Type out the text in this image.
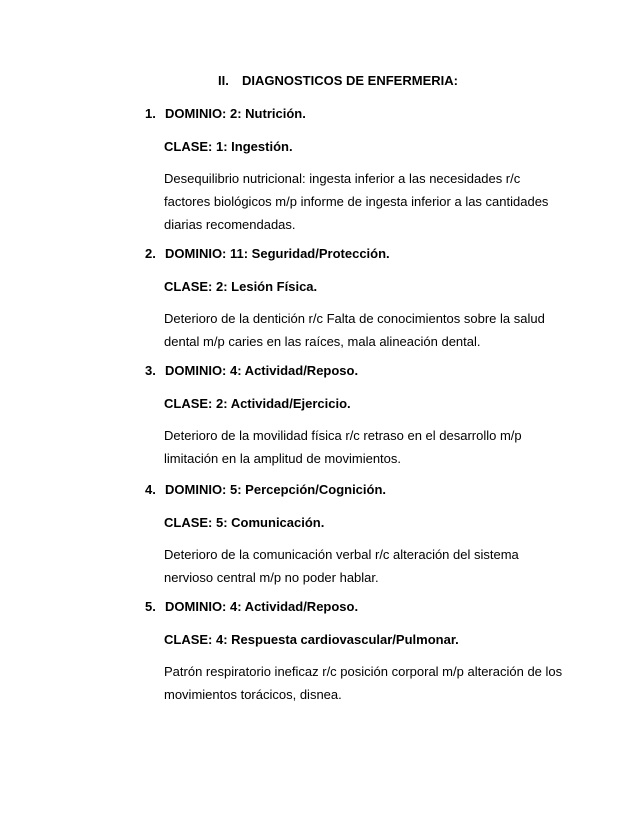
II. DIAGNOSTICOS DE ENFERMERIA:
1. DOMINIO: 2: Nutrición.
CLASE: 1: Ingestión.
Desequilibrio nutricional: ingesta inferior a las necesidades r/c
factores biológicos m/p informe de ingesta inferior a las cantidades
diarias recomendadas.
2. DOMINIO: 11: Seguridad/Protección.
CLASE: 2: Lesión Física.
Deterioro de la dentición r/c Falta de conocimientos sobre la salud
dental m/p caries en las raíces, mala alineación dental.
3. DOMINIO: 4: Actividad/Reposo.
CLASE: 2: Actividad/Ejercicio.
Deterioro de la movilidad física r/c retraso en el desarrollo m/p
limitación en la amplitud de movimientos.
4. DOMINIO: 5: Percepción/Cognición.
CLASE: 5: Comunicación.
Deterioro de la comunicación verbal r/c alteración del sistema
nervioso central m/p no poder hablar.
5. DOMINIO: 4: Actividad/Reposo.
CLASE: 4: Respuesta cardiovascular/Pulmonar.
Patrón respiratorio ineficaz r/c posición corporal m/p alteración de los
movimientos torácicos, disnea.
